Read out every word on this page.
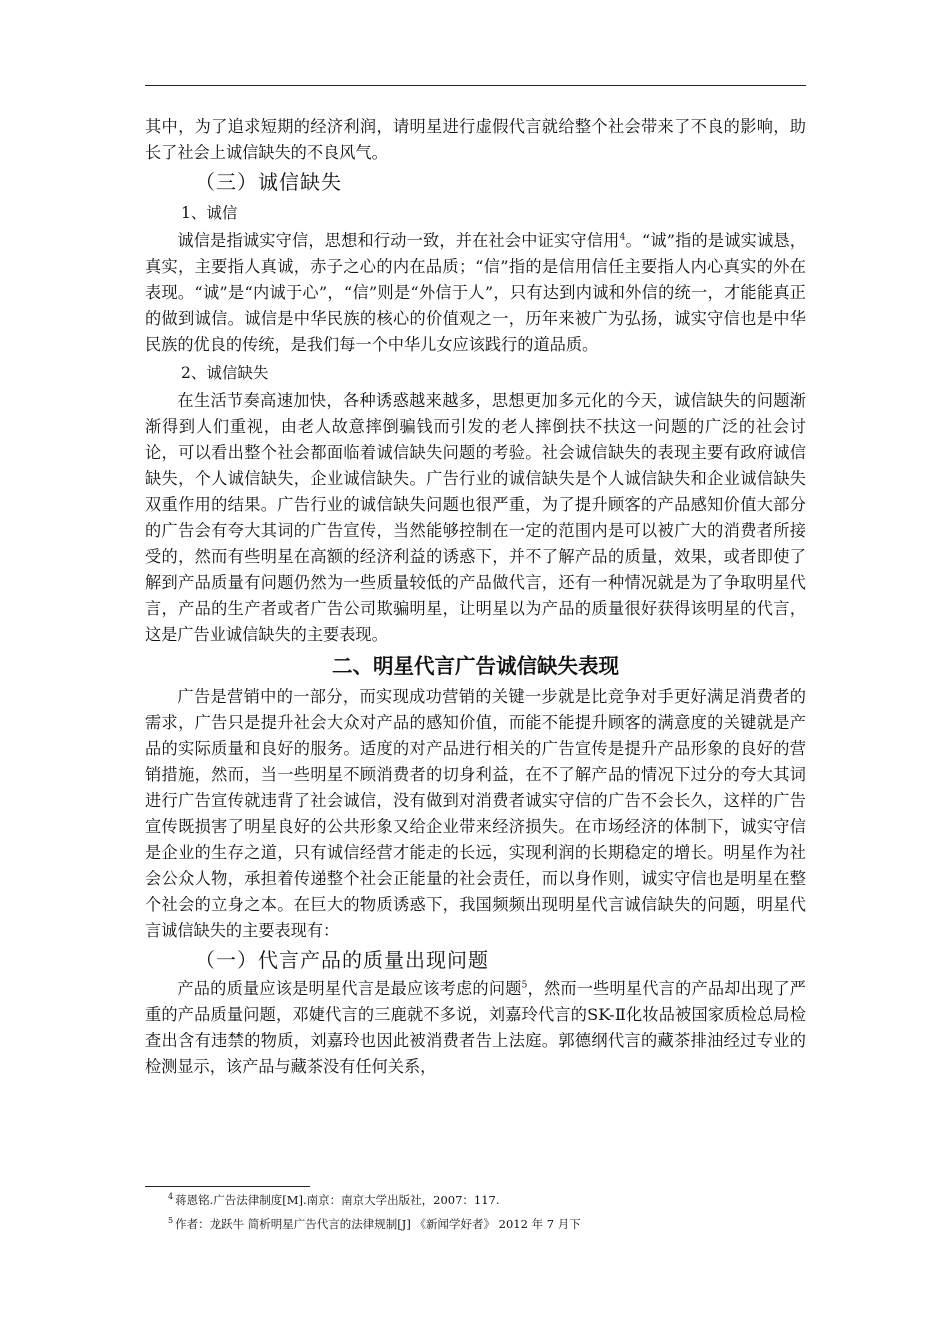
其中，为了追求短期的经济利润，请明星进行虚假代言就给整个社会带来了不良的影响，助长了社会上诚信缺失的不良风气。

（三）诚信缺失
1、诚信

诚信是指诚实守信，思想和行动一致，并在社会中证实守信用$^4$。“诚”指的是诚实诚恳，真实，主要指人真诚，赤子之心的内在品质；“信”指的是信用信任主要指人内心真实的外在表现。“诚”是“内诚于心”，“信”则是“外信于人”，只有达到内诚和外信的统一，才能能真正的做到诚信。诚信是中华民族的核心的价值观之一，历年来被广为弘扬，诚实守信也是中华民族的优良的传统，是我们每一个中华儿女应该践行的道品质。

2、诚信缺失

在生活节奏高速加快，各种诱惑越来越多，思想更加多元化的今天，诚信缺失的问题渐渐得到人们重视，由老人故意摔倒骗钱而引发的老人摔倒扶不扶这一问题的广泛的社会讨论，可以看出整个社会都面临着诚信缺失问题的考验。社会诚信缺失的表现主要有政府诚信缺失，个人诚信缺失，企业诚信缺失。广告行业的诚信缺失是个人诚信缺失和企业诚信缺失双重作用的结果。广告行业的诚信缺失问题也很严重，为了提升顾客的产品感知价值大部分的广告会有夸大其词的广告宣传，当然能够控制在一定的范围内是可以被广大的消费者所接受的，然而有些明星在高额的经济利益的诱惑下，并不了解产品的质量，效果，或者即使了解到产品质量有问题仍然为一些质量较低的产品做代言，还有一种情况就是为了争取明星代言，产品的生产者或者广告公司欺骗明星，让明星以为产品的质量很好获得该明星的代言，这是广告业诚信缺失的主要表现。

二、明星代言广告诚信缺失表现

广告是营销中的一部分，而实现成功营销的关键一步就是比竞争对手更好满足消费者的需求，广告只是提升社会大众对产品的感知价值，而能不能提升顾客的满意度的关键就是产品的实际质量和良好的服务。适度的对产品进行相关的广告宣传是提升产品形象的良好的营销措施，然而，当一些明星不顾消费者的切身利益，在不了解产品的情况下过分的夸大其词进行广告宣传就违背了社会诚信，没有做到对消费者诚实守信的广告不会长久，这样的广告宣传既损害了明星良好的公共形象又给企业带来经济损失。在市场经济的体制下，诚实守信是企业的生存之道，只有诚信经营才能走的长远，实现利润的长期稳定的增长。明星作为社会公众人物，承担着传递整个社会正能量的社会责任，而以身作则，诚实守信也是明星在整个社会的立身之本。在巨大的物质诱惑下，我国频频出现明星代言诚信缺失的问题，明星代言诚信缺失的主要表现有：

（一）代言产品的质量出现问题

产品的质量应该是明星代言是最应该考虑的问题$^5$，然而一些明星代言的产品却出现了严重的产品质量问题，邓婕代言的三鹿就不多说，刘嘉玲代言的SK-Ⅱ化妆品被国家质检总局检查出含有违禁的物质，刘嘉玲也因此被消费者告上法庭。郭德纲代言的藏茶排油经过专业的检测显示，该产品与藏茶没有任何关系，

$^4$ 蒋恩铭.广告法律制度[M].南京：南京大学出版社，2007：117.

$^5$ 作者：龙跃牛 简析明星广告代言的法律规制[J] 《新闻学好者》 2012 年 7 月下
